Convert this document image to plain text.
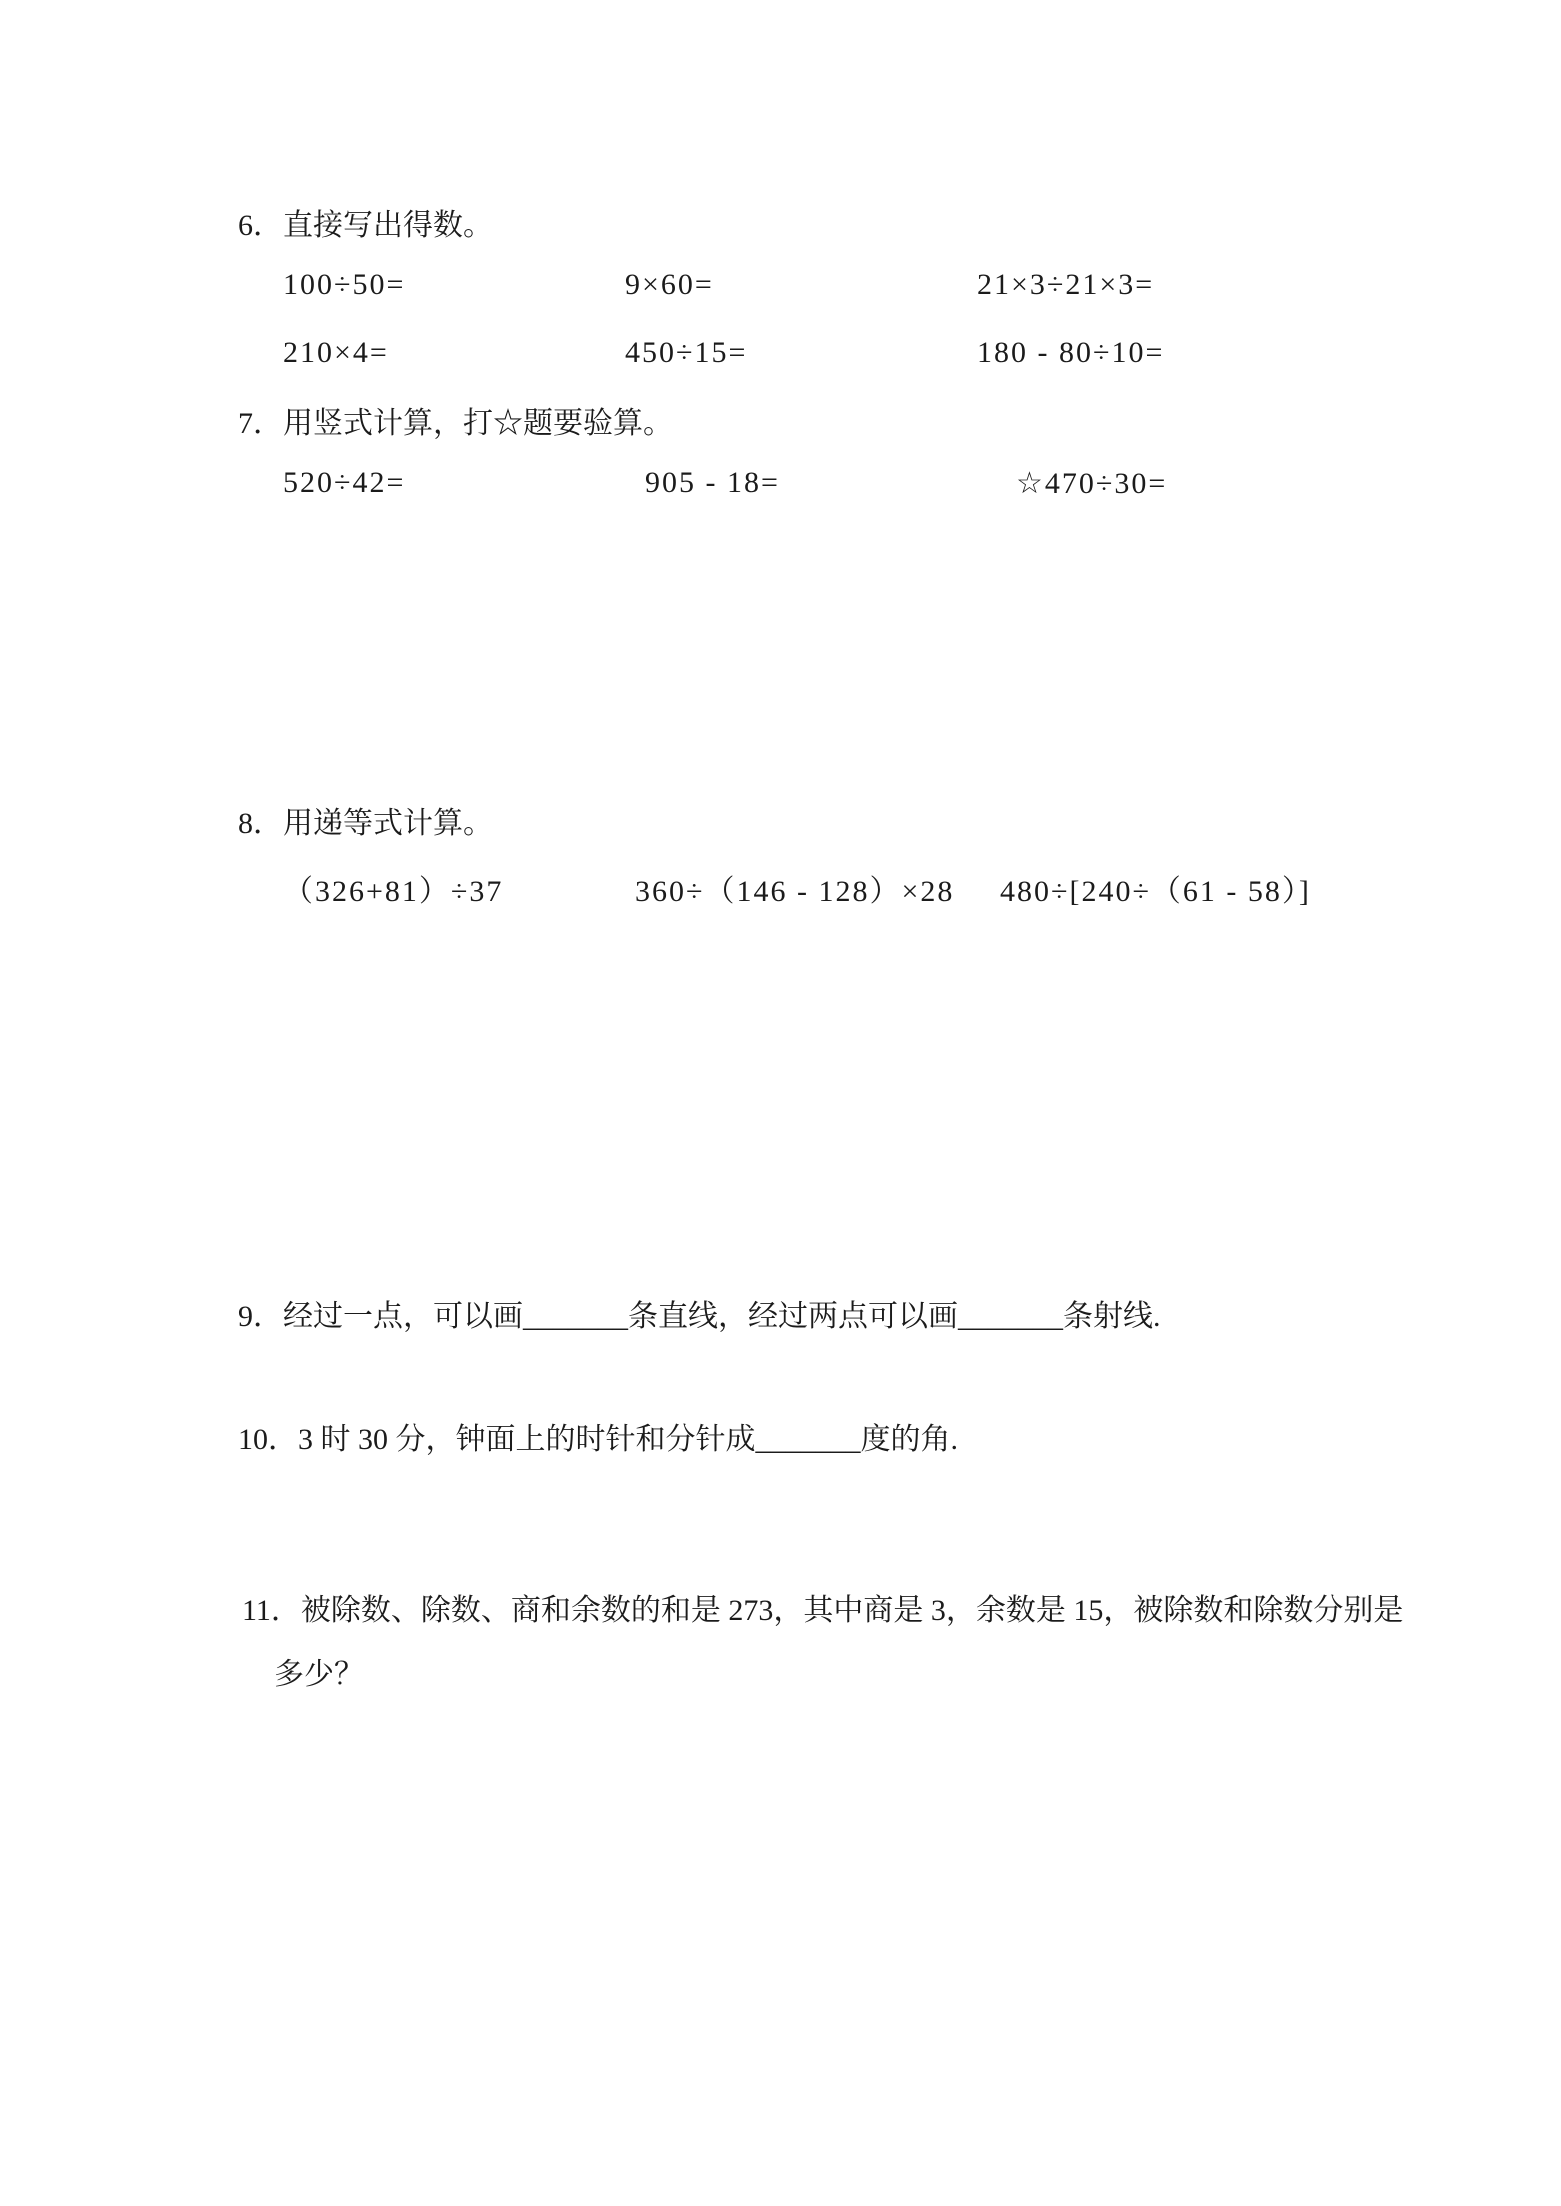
6．直接写出得数。
100÷50=	9×60=	21×3÷21×3=
210×4=	450÷15=	180 - 80÷10=
7．用竖式计算，打☆题要验算。
520÷42=	905 - 18=	☆470÷30=
8．用递等式计算。
（326+81）÷37	360÷（146 - 128）×28 480÷[240÷（61 - 58）]
9．经过一点，可以画_______条直线，经过两点可以画_______条射线.
10．3 时 30 分，钟面上的时针和分针成_______度的角.
11．被除数、除数、商和余数的和是 273，其中商是 3，余数是 15，被除数和除数分别是多少？
